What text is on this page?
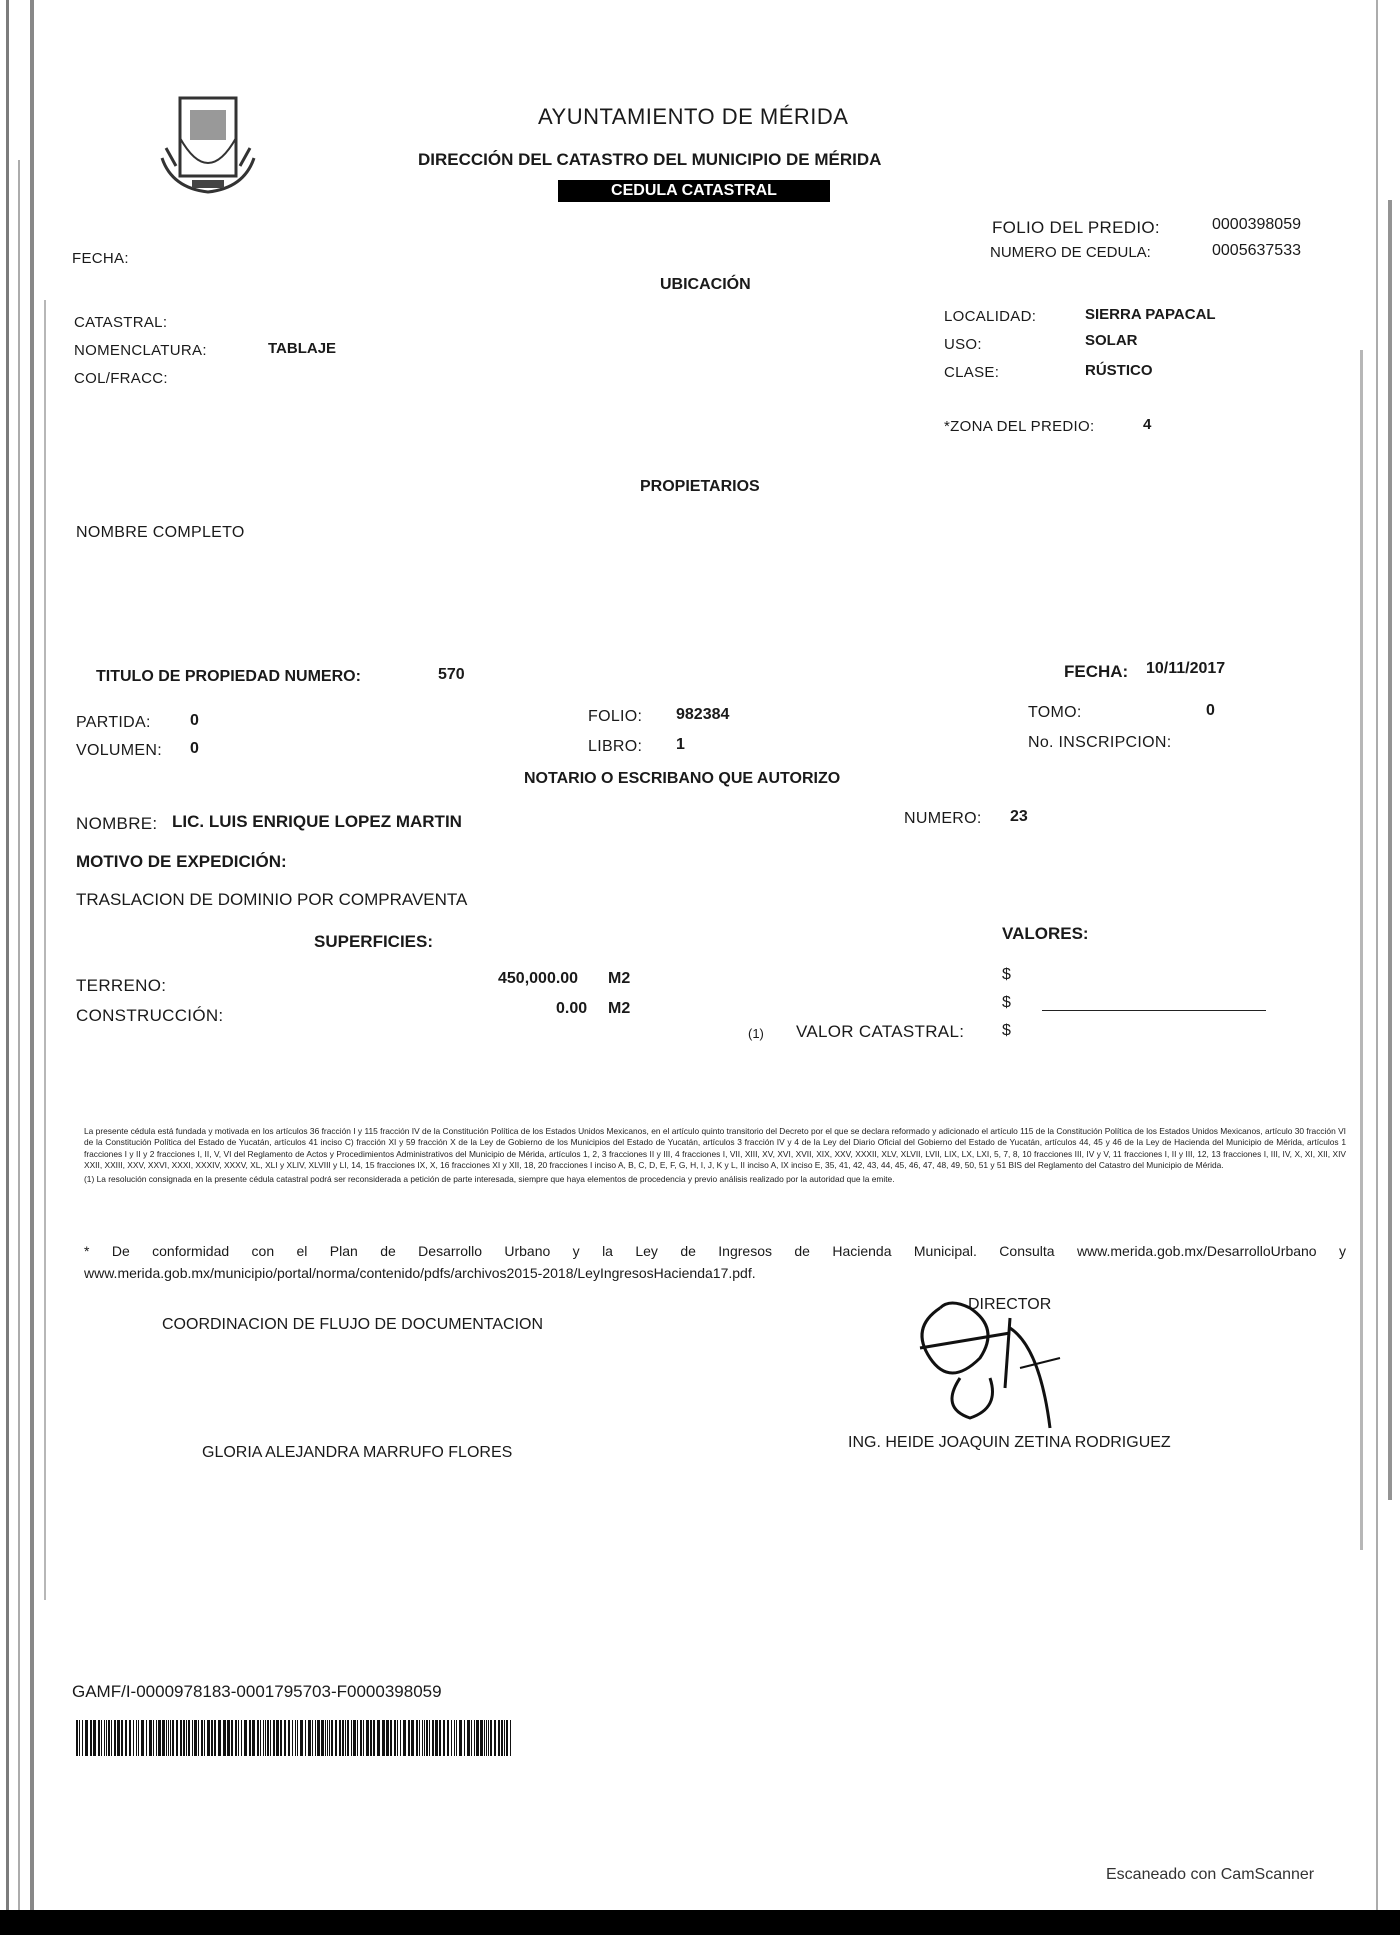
AYUNTAMIENTO DE MÉRIDA
DIRECCIÓN DEL CATASTRO DEL MUNICIPIO DE MÉRIDA
CEDULA CATASTRAL
FOLIO DEL PREDIO:	0000398059
NUMERO DE CEDULA:	0005637533
FECHA:
UBICACIÓN
CATASTRAL:
NOMENCLATURA:	TABLAJE
COL/FRACC:
LOCALIDAD:	SIERRA PAPACAL
USO:	SOLAR
CLASE:	RÚSTICO
*ZONA DEL PREDIO:	4
PROPIETARIOS
NOMBRE COMPLETO
TITULO DE PROPIEDAD NUMERO:	570	FECHA: 10/11/2017
PARTIDA: 0
VOLUMEN: 0
FOLIO: 982384
LIBRO: 1
TOMO:	0
No. INSCRIPCION:
NOTARIO O ESCRIBANO QUE AUTORIZO
NOMBRE: LIC. LUIS ENRIQUE LOPEZ MARTIN	NUMERO: 23
MOTIVO DE EXPEDICIÓN:
TRASLACION DE DOMINIO POR COMPRAVENTA
SUPERFICIES:	VALORES:
TERRENO:	450,000.00 M2
CONSTRUCCIÓN:	0.00 M2
$
$
(1) VALOR CATASTRAL: $

La presente cédula está fundada y motivada en los artículos 36 fracción I y 115 fracción IV de la Constitución Política de los Estados Unidos Mexicanos, en el artículo quinto transitorio del Decreto por el que se declara reformado y adicionado el artículo 115 de la Constitución Política de los Estados Unidos Mexicanos, artículo 30 fracción VI de la Constitución Política del Estado de Yucatán, artículos 41 inciso C) fracción XI y 59 fracción X de la Ley de Gobierno de los Municipios del Estado de Yucatán, artículos 3 fracción IV y 4 de la Ley del Diario Oficial del Gobierno del Estado de Yucatán, artículos 44, 45 y 46 de la Ley de Hacienda del Municipio de Mérida, artículos 1 fracciones I y II y 2 fracciones I, II, V, VI del Reglamento de Actos y Procedimientos Administrativos del Municipio de Mérida, artículos 1, 2, 3 fracciones II y III, 4 fracciones I, VII, XIII, XV, XVI, XVII, XIX, XXV, XXXII, XLV, XLVII, LVII, LIX, LX, LXI, 5, 7, 8, 10 fracciones III, IV y V, 11 fracciones I, II y III, 12, 13 fracciones I, III, IV, X, XI, XII, XIV XXII, XXIII, XXV, XXVI, XXXI, XXXIV, XXXV, XL, XLI y XLIV, XLVIII y LI, 14, 15 fracciones IX, X, 16 fracciones XI y XII, 18, 20 fracciones I inciso A, B, C, D, E, F, G, H, I, J, K y L, II inciso A, IX inciso E, 35, 41, 42, 43, 44, 45, 46, 47, 48, 49, 50, 51 y 51 BIS del Reglamento del Catastro del Municipio de Mérida.

(1) La resolución consignada en la presente cédula catastral podrá ser reconsiderada a petición de parte interesada, siempre que haya elementos de procedencia y previo análisis realizado por la autoridad que la emite.

* De conformidad con el Plan de Desarrollo Urbano y la Ley de Ingresos de Hacienda Municipal. Consulta www.merida.gob.mx/DesarrolloUrbano y www.merida.gob.mx/municipio/portal/norma/contenido/pdfs/archivos2015-2018/LeyIngresosHacienda17.pdf.

COORDINACION DE FLUJO DE DOCUMENTACION
GLORIA ALEJANDRA MARRUFO FLORES
DIRECTOR
ING. HEIDE JOAQUIN ZETINA RODRIGUEZ
GAMF/I-0000978183-0001795703-F0000398059
Escaneado con CamScanner
